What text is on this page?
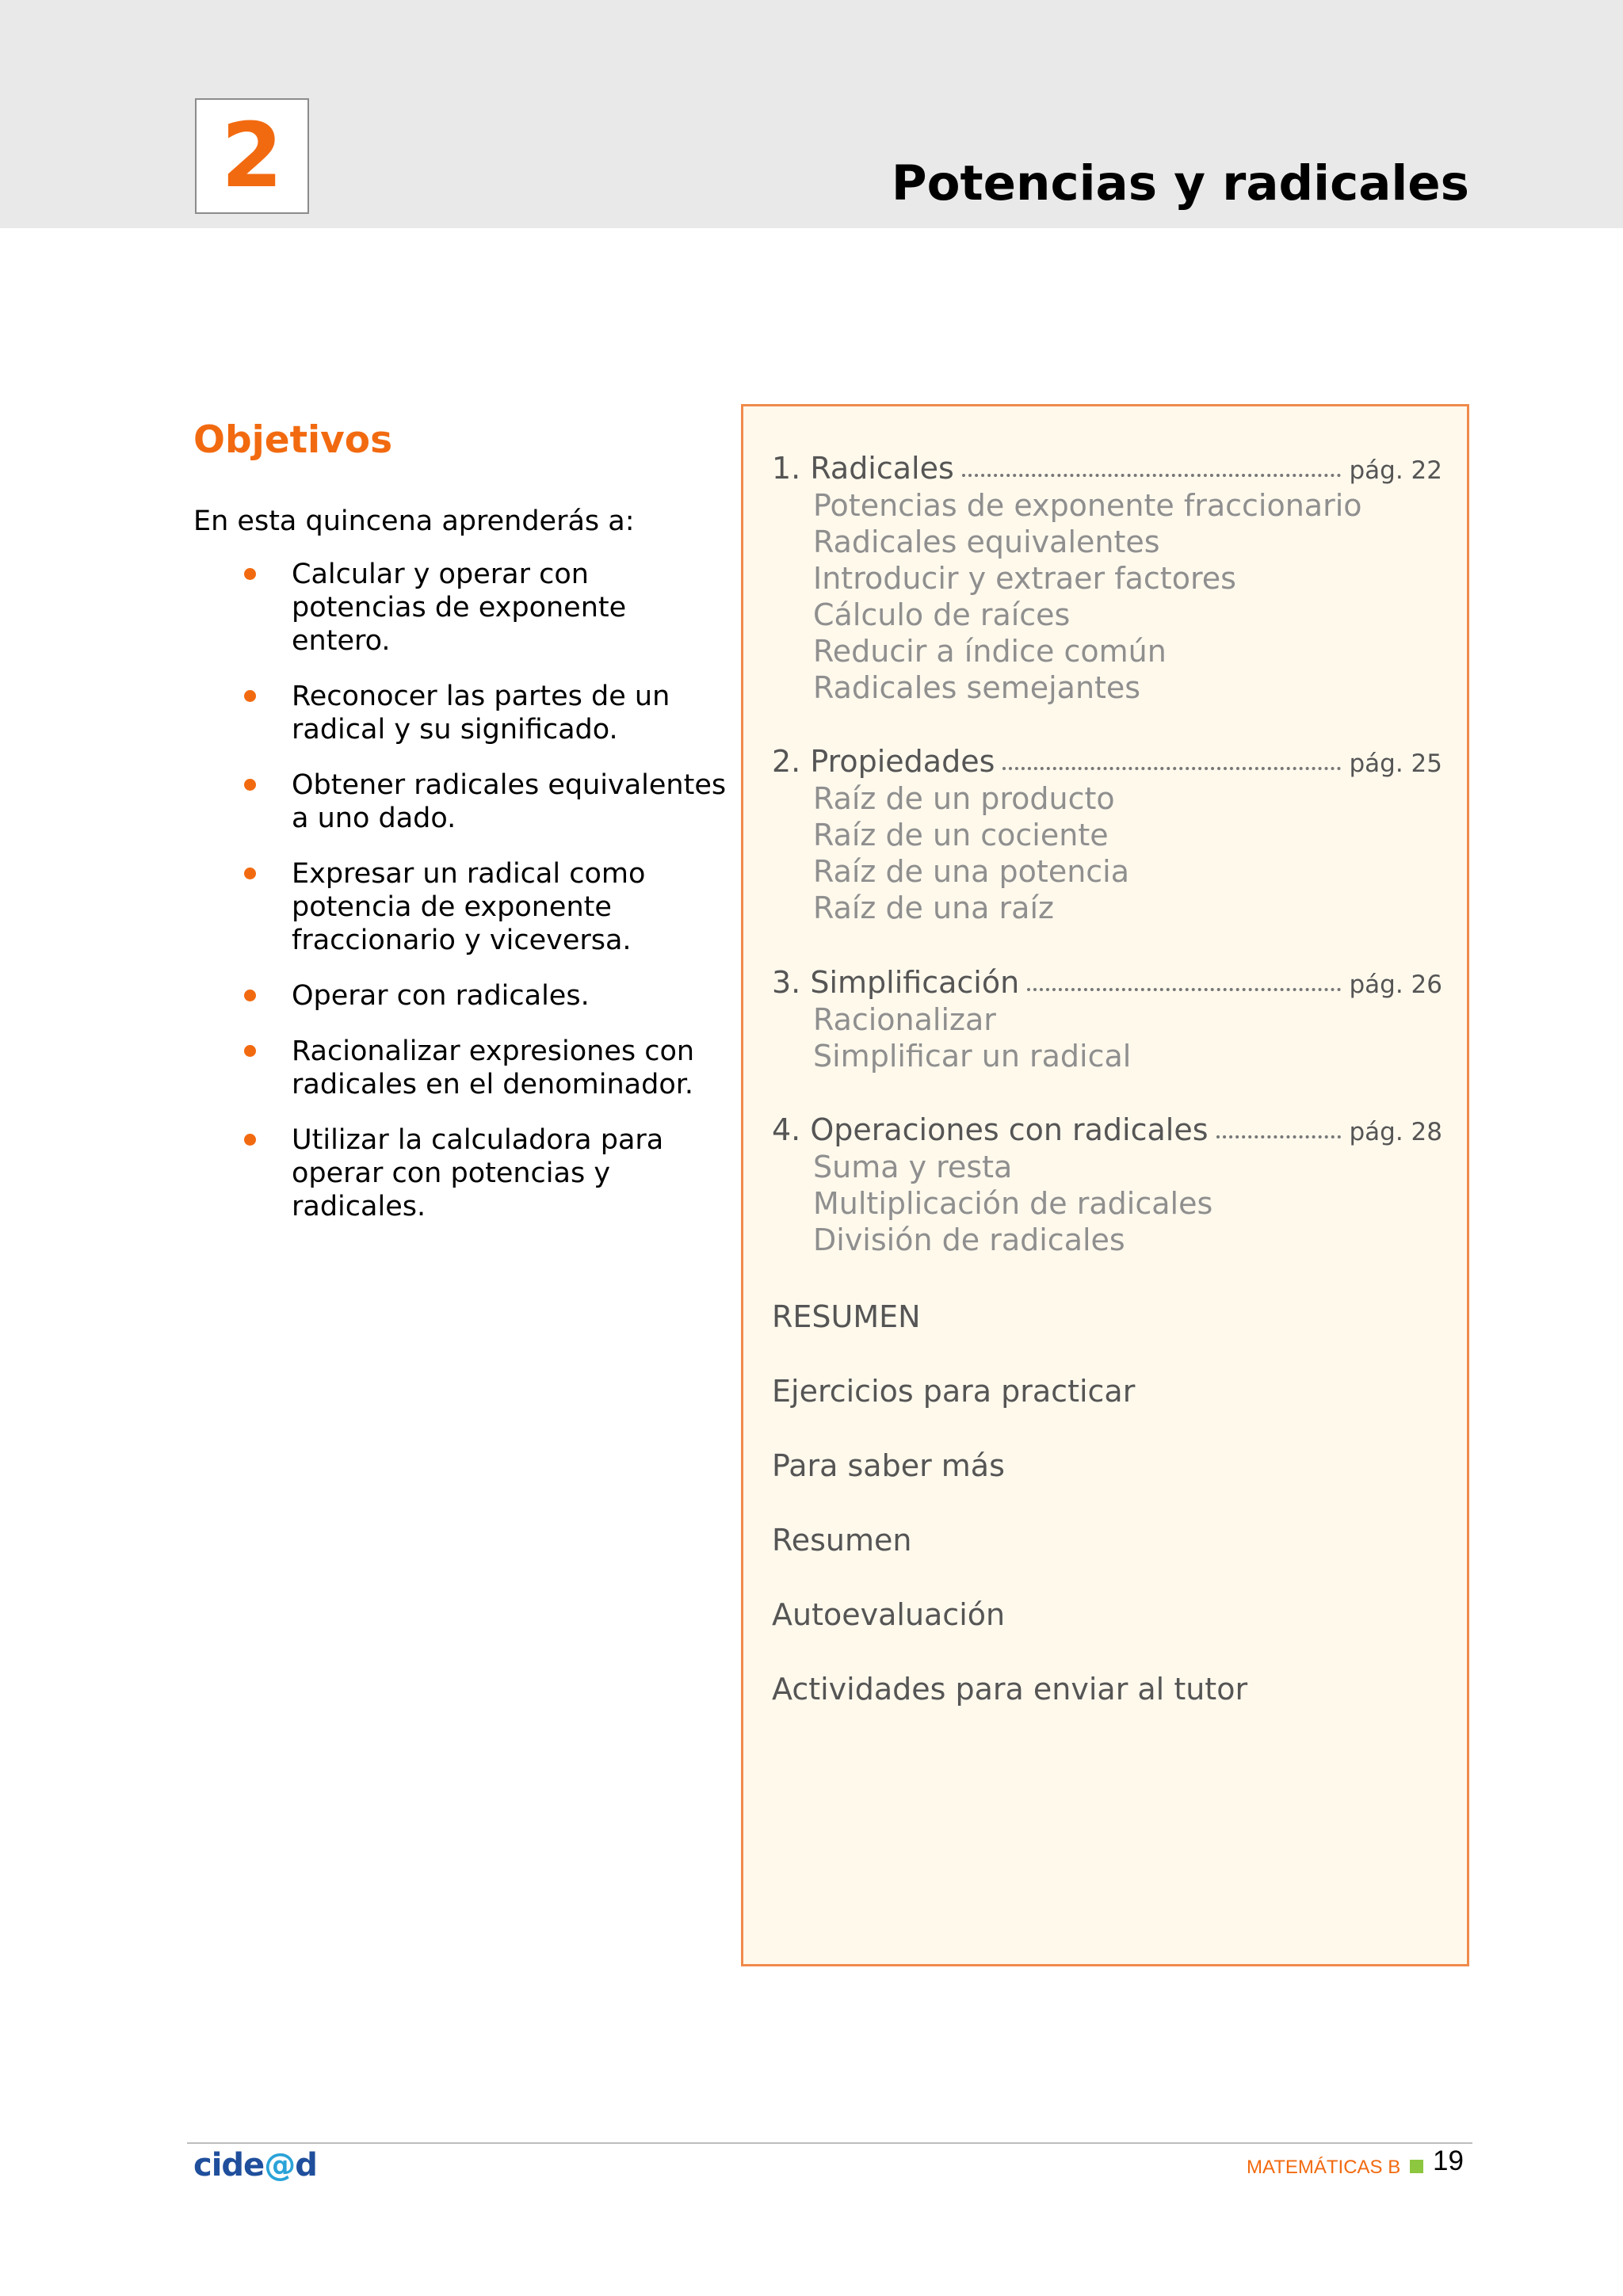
2	Potencias y radicales
Objetivos
En esta quincena aprenderás a:
Calcular y operar con
potencias de exponente
entero.
Reconocer las partes de un
radical y su significado.
Obtener radicales equivalentes
a uno dado.
Expresar un radical como
potencia de exponente
fraccionario y viceversa.
Operar con radicales.
Racionalizar expresiones con
radicales en el denominador.
Utilizar la calculadora para
operar con potencias y
radicales.
1. Radicales	pág. 22
Potencias de exponente fraccionario
Radicales equivalentes
Introducir y extraer factores
Cálculo de raíces
Reducir a índice común
Radicales semejantes
2. Propiedades	pág. 25
Raíz de un producto
Raíz de un cociente
Raíz de una potencia
Raíz de una raíz
3. Simplificación	pág. 26
Racionalizar
Simplificar un radical
4. Operaciones con radicales	pág. 28
Suma y resta
Multiplicación de radicales
División de radicales
RESUMEN
Ejercicios para practicar
Para saber más
Resumen
Autoevaluación
Actividades para enviar al tutor
cide@d	MATEMÁTICAS B 19
